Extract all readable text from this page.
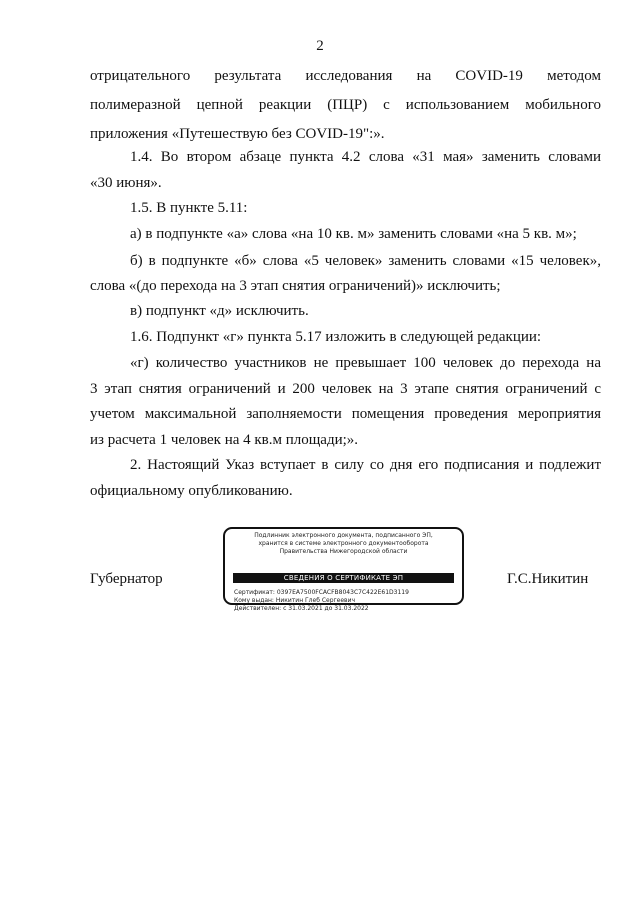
2
отрицательного результата исследования на COVID-19 методом
полимеразной цепной реакции (ПЦР) с использованием мобильного
приложения «Путешествую без COVID-19":».
1.4. Во втором абзаце пункта 4.2 слова «31 мая» заменить словами
«30 июня».
1.5. В пункте 5.11:
а) в подпункте «а» слова «на 10 кв. м» заменить словами «на 5 кв. м»;
б) в подпункте «б» слова «5 человек» заменить словами «15 человек»,
слова «(до перехода на 3 этап снятия ограничений)» исключить;
в) подпункт «д» исключить.
1.6. Подпункт «г» пункта 5.17 изложить в следующей редакции:
«г) количество участников не превышает 100 человек до перехода на
3 этап снятия ограничений и 200 человек на 3 этапе снятия ограничений с
учетом максимальной заполняемости помещения проведения мероприятия
из расчета 1 человек на 4 кв.м площади;».
2. Настоящий Указ вступает в силу со дня его подписания и подлежит
официальному опубликованию.
Губернатор
Подлинник электронного документа, подписанного ЭП,
хранится в системе электронного документооборота
Правительства Нижегородской области
СВЕДЕНИЯ О СЕРТИФИКАТЕ ЭП
Сертификат: 0397EA7500FCACFB8043C7C422E61D3119
Кому выдан: Никитин Глеб Сергеевич
Действителен: с 31.03.2021 до 31.03.2022
Г.С.Никитин
